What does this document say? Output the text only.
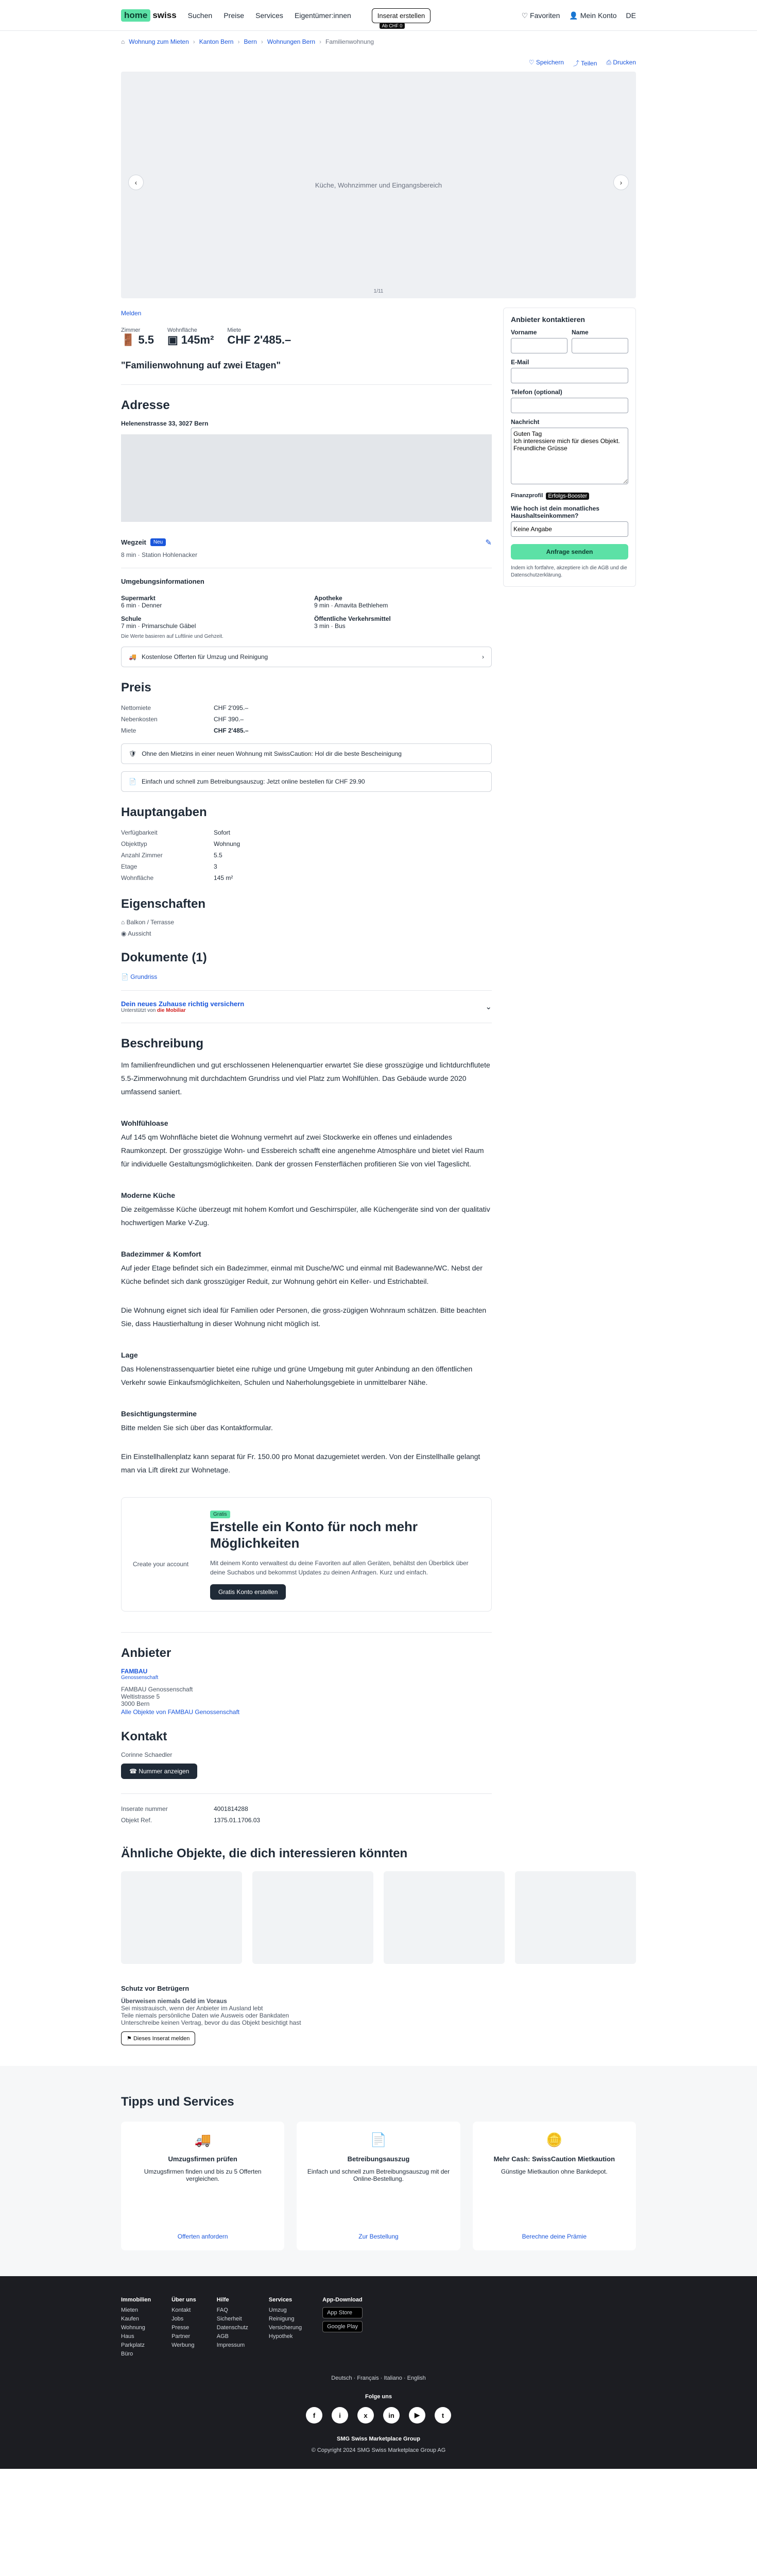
home swiss Suchen Preise Services Eigentümer:innen	Inserat erstellen
Ab CHF 0
♡ Favoriten 👤 Mein Konto DE
⌂ Wohnung zum Mieten › Kanton Bern › Bern › Wohnungen Bern › Familienwohnung
♡ Speichern ⤴ Teilen ⎙ Drucken
Küche, Wohnzimmer und Eingangsbereich
‹	›
1/11
Melden
Zimmer
🚪 5.5
Wohnfläche
▣ 145m²
Miete
CHF 2'485.–
"Familienwohnung auf zwei Etagen"
Adresse
Helenenstrasse 33, 3027 Bern
Wegzeit	Neu	✎
8 min · Station Hohlenacker
Umgebungsinformationen
Supermarkt
6 min · Denner
Apotheke
9 min · Amavita Bethlehem
Schule
7 min · Primarschule Gäbel
Öffentliche Verkehrsmittel
3 min · Bus
Die Werte basieren auf Luftlinie und Gehzeit.
🚚 Kostenlose Offerten für Umzug und Reinigung	›
Preis
Nettomiete	CHF 2'095.–
Nebenkosten	CHF 390.–
Miete	CHF 2'485.–
🛡 Ohne den Mietzins in einer neuen Wohnung mit SwissCaution: Hol dir die beste Bescheinigung
📄 Einfach und schnell zum Betreibungsauszug: Jetzt online bestellen für CHF 29.90
Hauptangaben
Verfügbarkeit	Sofort
Objekttyp	Wohnung
Anzahl Zimmer	5.5
Etage	3
Wohnfläche	145 m²
Eigenschaften
⌂ Balkon / Terrasse
◉ Aussicht
Dokumente (1)
📄 Grundriss
Dein neues Zuhause richtig versichern
Unterstützt von die Mobiliar	⌄
Beschreibung

Im familienfreundlichen und gut erschlossenen Helenenquartier erwartet Sie diese grosszügige und lichtdurchflutete 5.5-Zimmerwohnung mit durchdachtem Grundriss und viel Platz zum Wohlfühlen. Das Gebäude wurde 2020 umfassend saniert.

Wohlfühloase

Auf 145 qm Wohnfläche bietet die Wohnung vermehrt auf zwei Stockwerke ein offenes und einladendes Raumkonzept. Der grosszügige Wohn- und Essbereich schafft eine angenehme Atmosphäre und bietet viel Raum für individuelle Gestaltungsmöglichkeiten. Dank der grossen Fensterflächen profitieren Sie von viel Tageslicht.

Moderne Küche

Die zeitgemässe Küche überzeugt mit hohem Komfort und Geschirrspüler, alle Küchengeräte sind von der qualitativ hochwertigen Marke V-Zug.

Badezimmer & Komfort

Auf jeder Etage befindet sich ein Badezimmer, einmal mit Dusche/WC und einmal mit Badewanne/WC. Nebst der Küche befindet sich dank grosszügiger Reduit, zur Wohnung gehört ein Keller- und Estrichabteil.

Die Wohnung eignet sich ideal für Familien oder Personen, die gross-zügigen Wohnraum schätzen. Bitte beachten Sie, dass Haustierhaltung in dieser Wohnung nicht möglich ist.

Lage

Das Holenenstrassenquartier bietet eine ruhige und grüne Umgebung mit guter Anbindung an den öffentlichen Verkehr sowie Einkaufsmöglichkeiten, Schulen und Naherholungsgebiete in unmittelbarer Nähe.

Besichtigungstermine

Bitte melden Sie sich über das Kontaktformular.

Ein Einstellhallenplatz kann separat für Fr. 150.00 pro Monat dazugemietet werden. Von der Einstellhalle gelangt man via Lift direkt zur Wohnetage.

Create your account
Gratis
Erstelle ein Konto für noch mehr Möglichkeiten

Mit deinem Konto verwaltest du deine Favoriten auf allen Geräten, behältst den Überblick über deine Suchabos und bekommst Updates zu deinen Anfragen. Kurz und einfach.

Gratis Konto erstellen
Anbieter
FAMBAU
Genossenschaft
FAMBAU Genossenschaft
Weltistrasse 5
3000 Bern
Alle Objekte von FAMBAU Genossenschaft
Kontakt
Corinne Schaedler
☎ Nummer anzeigen
Inserate nummer	4001814288
Objekt Ref.	1375.01.1706.03
Anbieter kontaktieren
Vorname	Name
E-Mail
Telefon (optional)
Nachricht
Guten Tag Ich interessiere mich für dieses Objekt. Freundliche Grüsse
Finanzprofil Erfolgs-Booster
Wie hoch ist dein monatliches Haushaltseinkommen?
Keine Angabe
Anfrage senden

Indem ich fortfahre, akzeptiere ich die AGB und die Datenschutzerklärung.

Ähnliche Objekte, die dich interessieren könnten
Schutz vor Betrügern
Überweisen niemals Geld im Voraus
Sei misstrauisch, wenn der Anbieter im Ausland lebt
Teile niemals persönliche Daten wie Ausweis oder Bankdaten
Unterschreibe keinen Vertrag, bevor du das Objekt besichtigt hast
⚑ Dieses Inserat melden
Tipps und Services
🚚
Umzugsfirmen prüfen
Umzugsfirmen finden und bis zu 5 Offerten vergleichen.
Offerten anfordern
📄
Betreibungsauszug
Einfach und schnell zum Betreibungsauszug mit der Online-Bestellung.
Zur Bestellung
🪙
Mehr Cash: SwissCaution Mietkaution
Günstige Mietkaution ohne Bankdepot.
Berechne deine Prämie
Immobilien
Mieten
Kaufen
Wohnung
Haus
Parkplatz
Büro
Über uns
Kontakt
Jobs
Presse
Partner
Werbung
Hilfe
FAQ
Sicherheit
Datenschutz
AGB
Impressum
Services
Umzug
Reinigung
Versicherung
Hypothek
App-Download
App Store
Google Play
Deutsch · Français · Italiano · English
Folge uns
f	i	x	in	▶	t
SMG Swiss Marketplace Group
© Copyright 2024 SMG Swiss Marketplace Group AG
